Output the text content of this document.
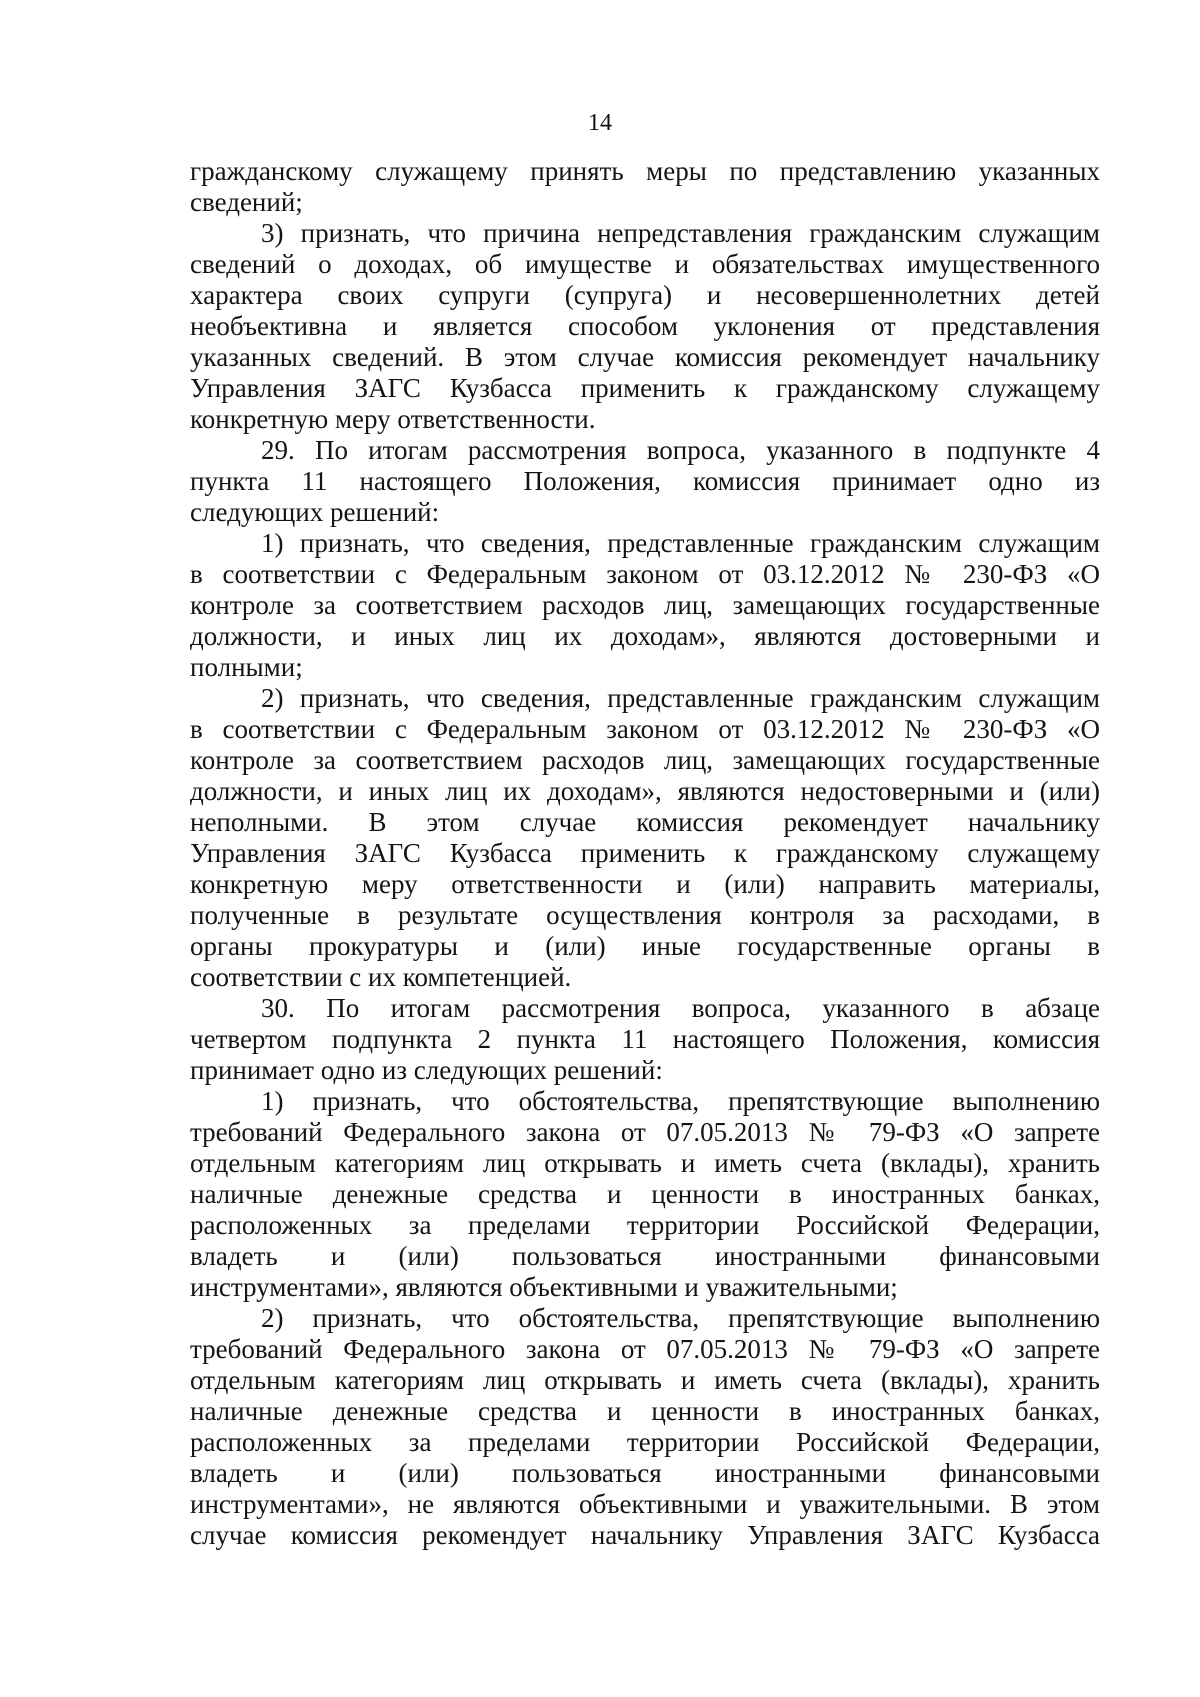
14
гражданскому служащему принять меры по представлению указанных
сведений;
3) признать, что причина непредставления гражданским служащим
сведений о доходах, об имуществе и обязательствах имущественного
характера своих супруги (супруга) и несовершеннолетних детей
необъективна и является способом уклонения от представления
указанных сведений. В этом случае комиссия рекомендует начальнику
Управления ЗАГС Кузбасса применить к гражданскому служащему
конкретную меру ответственности.
29. По итогам рассмотрения вопроса, указанного в подпункте 4
пункта 11 настоящего Положения, комиссия принимает одно из
следующих решений:
1) признать, что сведения, представленные гражданским служащим
в соответствии с Федеральным законом от 03.12.2012 № 230-ФЗ «О
контроле за соответствием расходов лиц, замещающих государственные
должности, и иных лиц их доходам», являются достоверными и
полными;
2) признать, что сведения, представленные гражданским служащим
в соответствии с Федеральным законом от 03.12.2012 № 230-ФЗ «О
контроле за соответствием расходов лиц, замещающих государственные
должности, и иных лиц их доходам», являются недостоверными и (или)
неполными. В этом случае комиссия рекомендует начальнику
Управления ЗАГС Кузбасса применить к гражданскому служащему
конкретную меру ответственности и (или) направить материалы,
полученные в результате осуществления контроля за расходами, в
органы прокуратуры и (или) иные государственные органы в
соответствии с их компетенцией.
30. По итогам рассмотрения вопроса, указанного в абзаце
четвертом подпункта 2 пункта 11 настоящего Положения, комиссия
принимает одно из следующих решений:
1) признать, что обстоятельства, препятствующие выполнению
требований Федерального закона от 07.05.2013 № 79-ФЗ «О запрете
отдельным категориям лиц открывать и иметь счета (вклады), хранить
наличные денежные средства и ценности в иностранных банках,
расположенных за пределами территории Российской Федерации,
владеть и (или) пользоваться иностранными финансовыми
инструментами», являются объективными и уважительными;
2) признать, что обстоятельства, препятствующие выполнению
требований Федерального закона от 07.05.2013 № 79-ФЗ «О запрете
отдельным категориям лиц открывать и иметь счета (вклады), хранить
наличные денежные средства и ценности в иностранных банках,
расположенных за пределами территории Российской Федерации,
владеть и (или) пользоваться иностранными финансовыми
инструментами», не являются объективными и уважительными. В этом
случае комиссия рекомендует начальнику Управления ЗАГС Кузбасса
